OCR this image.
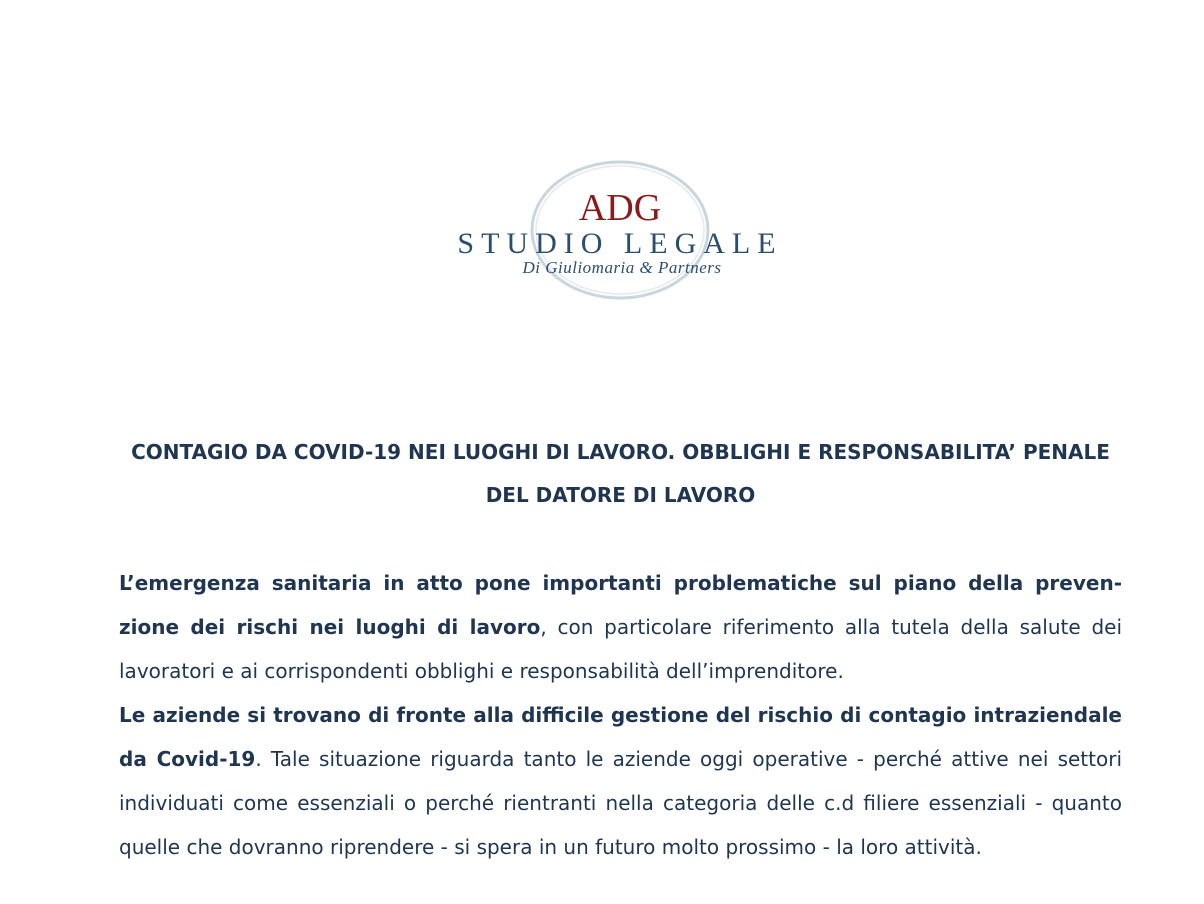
ADG
STUDIO LEGALE
Di Giuliomaria & Partners
CONTAGIO DA COVID-19 NEI LUOGHI DI LAVORO. OBBLIGHI E RESPONSABILITA’ PENALE
DEL DATORE DI LAVORO

L’emergenza sanitaria in atto pone importanti problematiche sul piano della prevenzione dei rischi nei luoghi di lavoro, con particolare riferimento alla tutela della salute dei lavoratori e ai corrispondenti obblighi e responsabilità dell’imprenditore.

Le aziende si trovano di fronte alla difficile gestione del rischio di contagio intraziendale da Covid-19. Tale situazione riguarda tanto le aziende oggi operative - perché attive nei settori individuati come essenziali o perché rientranti nella categoria delle c.d filiere essenziali - quanto quelle che dovranno riprendere - si spera in un futuro molto prossimo - la loro attività.
